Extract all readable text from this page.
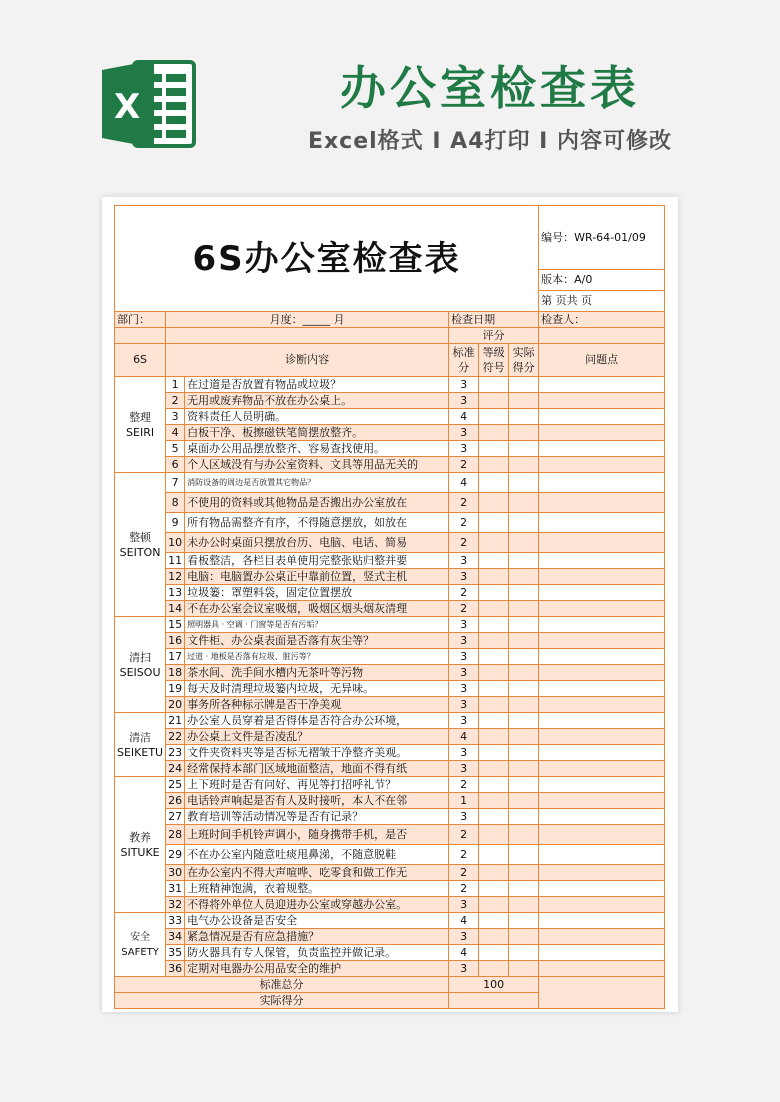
X	办公室检查表
Excel格式 I A4打印 I 内容可修改
6S办公室检查表						编号：WR-64-01/09
						版本：A/0
						第 页共 页
部门：	月度：_____ 月		检查日期			检查人：
			评分			
6S	诊断内容		标准分	等级符号	实际得分	问题点

整理
SEIRI	1	在过道是否放置有物品或垃圾？	3			
	2	无用或废弃物品不放在办公桌上。	3			
	3	资料责任人员明确。	4			
	4	白板干净、板擦磁铁笔简摆放整齐。	3			
	5	桌面办公用品摆放整齐、容易查找使用。	3			
	6	个人区域没有与办公室资料、文具等用品无关的	2			

整顿
SEITON	7	消防设备的周边是否放置其它物品？	4			
	8	不使用的资料或其他物品是否搬出办公室放在	2			
	9	所有物品需整齐有序，不得随意摆放，如放在	2			
	10	未办公时桌面只摆放台历、电脑、电话、简易	2			
	11	看板整洁，各栏目表单使用完整张贴归整并要	3			
	12	电脑：电脑置办公桌正中靠前位置，竖式主机	3			
	13	垃圾篓：罩塑料袋，固定位置摆放	2			
	14	不在办公室会议室吸烟，吸烟区烟头烟灰清理	2			

清扫
SEISOU	15	照明器具 · 空调 · 门窗等是否有污垢？	3			
	16	文件柜、办公桌表面是否落有灰尘等？	3			
	17	过道 · 地板是否落有垃圾、脏污等？	3			
	18	茶水间、洗手间水槽内无茶叶等污物	3			
	19	每天及时清理垃圾篓内垃圾，无异味。	3			
	20	事务所各种标示牌是否干净美观	3			

清洁
SEIKETU	21	办公室人员穿着是否得体是否符合办公环境，	3			
	22	办公桌上文件是否凌乱？	4			
	23	文件夹资料夹等是否标无褶皱干净整齐美观。	3			
	24	经常保持本部门区域地面整洁，地面不得有纸	3			

教养
SITUKE	25	上下班时是否有问好、再见等打招呼礼节？	2			
	26	电话铃声响起是否有人及时接听，本人不在邻	1			
	27	教育培训等活动情况等是否有记录？	3			
	28	上班时间手机铃声调小，随身携带手机，是否	2			
	29	不在办公室内随意吐痰甩鼻涕，不随意脱鞋	2			
	30	在办公室内不得大声喧哗、吃零食和做工作无	2			
	31	上班精神饱满，衣着规整。	2			
	32	不得将外单位人员迎进办公室或穿越办公室。	3			

安全
SAFETY	33	电气办公设备是否安全	4			
	34	紧急情况是否有应急措施？	3			
	35	防火器具有专人保管，负责监控并做记录。	4			
	36	定期对电器办公用品安全的维护	3			
标准总分			100			
实际得分						
